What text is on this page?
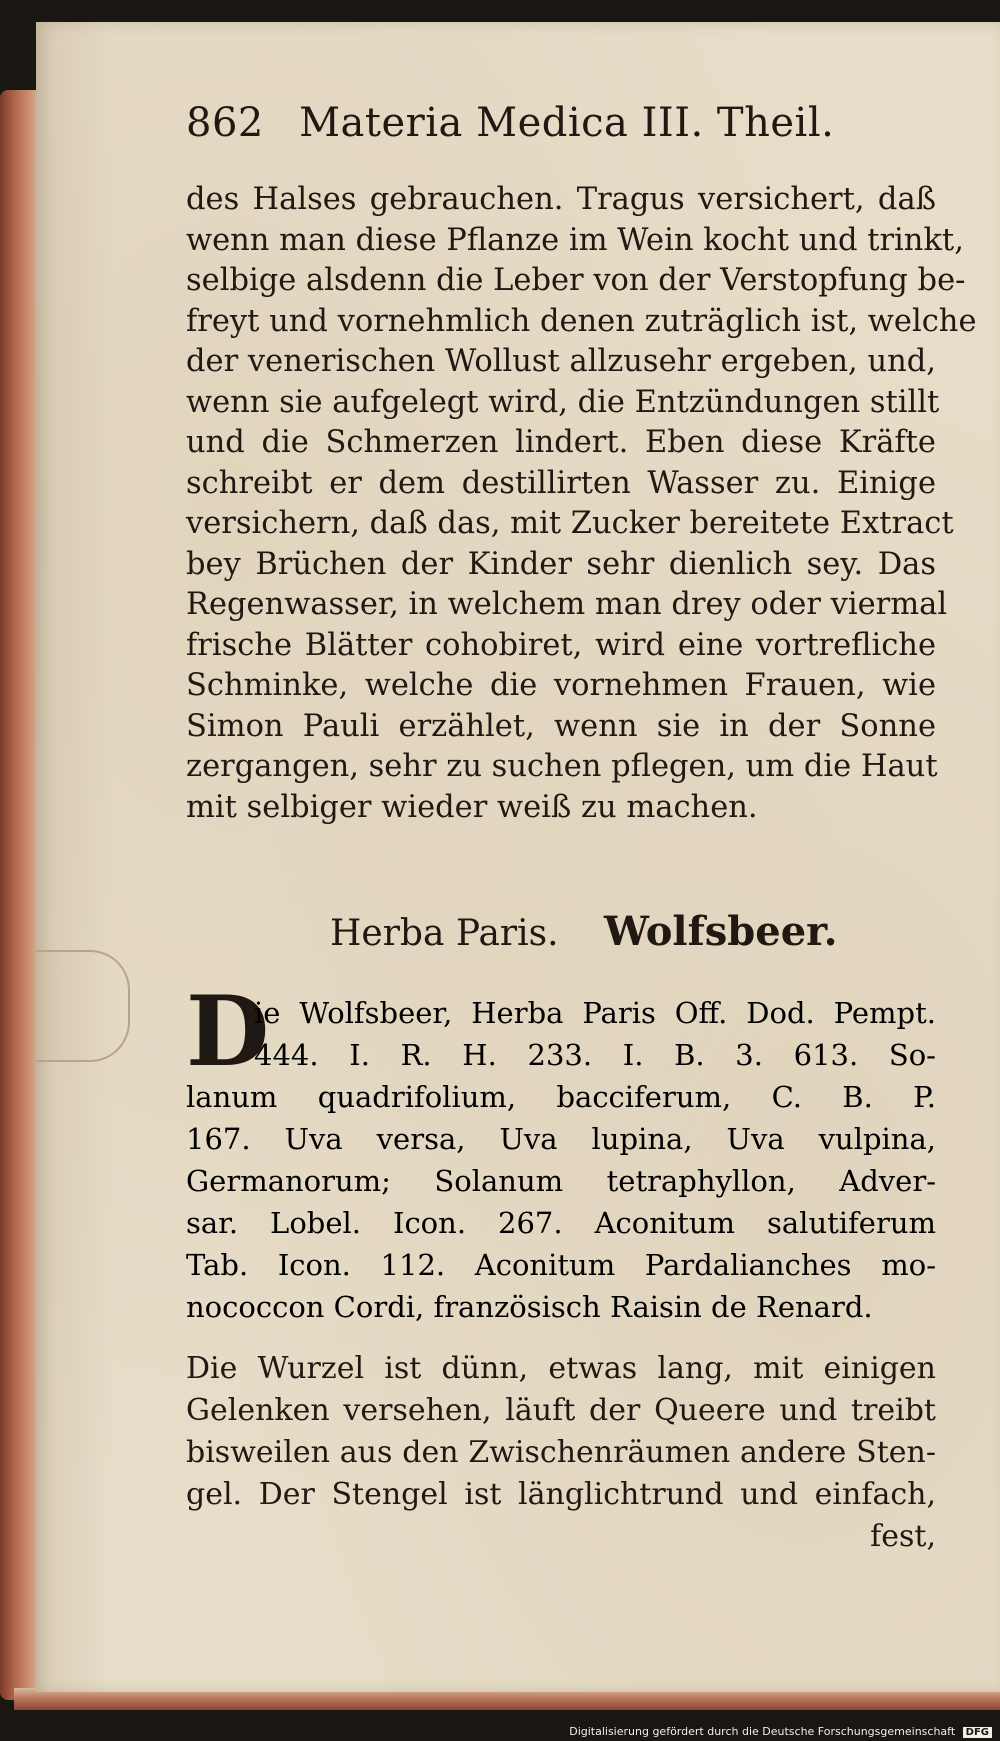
862 Materia Medica III. Theil.
des Halses gebrauchen. Tragus versichert, daß
wenn man diese Pflanze im Wein kocht und trinkt,
selbige alsdenn die Leber von der Verstopfung be-
freyt und vornehmlich denen zuträglich ist, welche
der venerischen Wollust allzusehr ergeben, und,
wenn sie aufgelegt wird, die Entzündungen stillt
und die Schmerzen lindert. Eben diese Kräfte
schreibt er dem destillirten Wasser zu. Einige
versichern, daß das, mit Zucker bereitete Extract
bey Brüchen der Kinder sehr dienlich sey. Das
Regenwasser, in welchem man drey oder viermal
frische Blätter cohobiret, wird eine vortrefliche
Schminke, welche die vornehmen Frauen, wie
Simon Pauli erzählet, wenn sie in der Sonne
zergangen, sehr zu suchen pflegen, um die Haut
mit selbiger wieder weiß zu machen.
Herba Paris. Wolfsbeer.
D
ie Wolfsbeer, Herba Paris Off. Dod. Pempt.
444. I. R. H. 233. I. B. 3. 613. So-
lanum quadrifolium, bacciferum, C. B. P.
167. Uva versa, Uva lupina, Uva vulpina,
Germanorum; Solanum tetraphyllon, Adver-
sar. Lobel. Icon. 267. Aconitum salutiferum
Tab. Icon. 112. Aconitum Pardalianches mo-
nococcon Cordi, französisch Raisin de Renard.
Die Wurzel ist dünn, etwas lang, mit einigen
Gelenken versehen, läuft der Queere und treibt
bisweilen aus den Zwischenräumen andere Sten-
gel. Der Stengel ist länglichtrund und einfach,
fest,
Digitalisierung gefördert durch die Deutsche Forschungsgemeinschaft DFG
